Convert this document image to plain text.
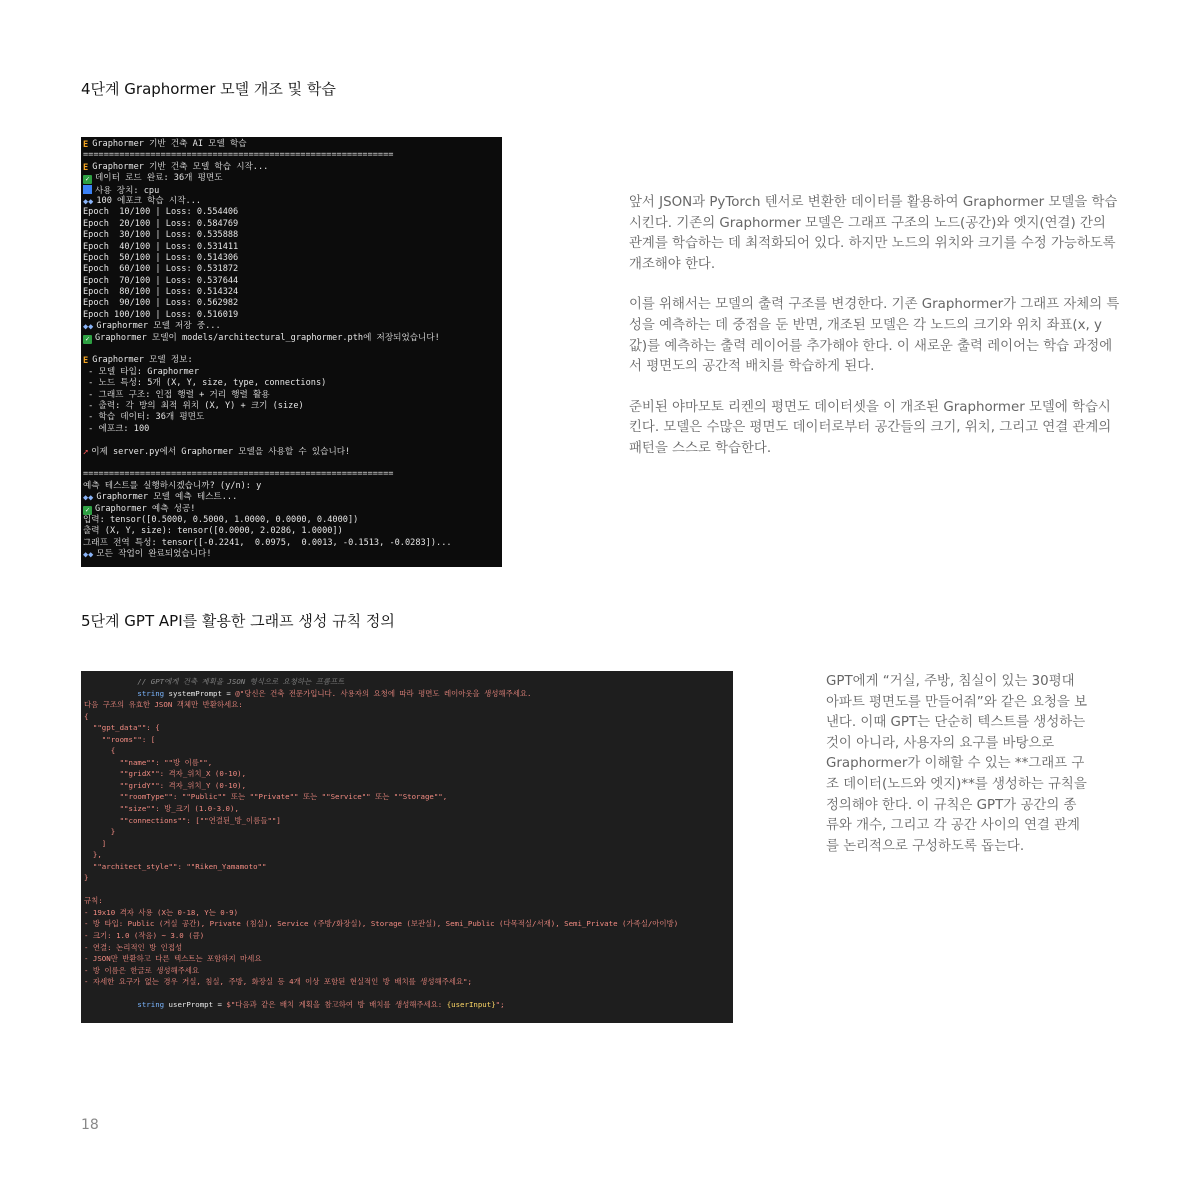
4단계 Graphormer 모델 개조 및 학습
E Graphormer 기반 건축 AI 모델 학습
============================================================
E Graphormer 기반 건축 모델 학습 시작...
✓ 데이터 로드 완료: 36개 평면도
사용 장치: cpu
◆◆ 100 에포크 학습 시작...
Epoch  10/100 | Loss: 0.554406
Epoch  20/100 | Loss: 0.584769
Epoch  30/100 | Loss: 0.535888
Epoch  40/100 | Loss: 0.531411
Epoch  50/100 | Loss: 0.514306
Epoch  60/100 | Loss: 0.531872
Epoch  70/100 | Loss: 0.537644
Epoch  80/100 | Loss: 0.514324
Epoch  90/100 | Loss: 0.562982
Epoch 100/100 | Loss: 0.516019
◆◆ Graphormer 모델 저장 중...
✓ Graphormer 모델이 models/architectural_graphormer.pth에 저장되었습니다!
E Graphormer 모델 정보:
- 모델 타입: Graphormer
- 노드 특성: 5개 (X, Y, size, type, connections)
- 그래프 구조: 인접 행렬 + 거리 행렬 활용
- 출력: 각 방의 최적 위치 (X, Y) + 크기 (size)
- 학습 데이터: 36개 평면도
- 에포크: 100
➚ 이제 server.py에서 Graphormer 모델을 사용할 수 있습니다!
============================================================
예측 테스트를 실행하시겠습니까? (y/n): y
◆◆ Graphormer 모델 예측 테스트...
✓ Graphormer 예측 성공!
입력: tensor([0.5000, 0.5000, 1.0000, 0.0000, 0.4000])
출력 (X, Y, size): tensor([0.0000, 2.0286, 1.0000])
그래프 전역 특성: tensor([-0.2241,  0.0975,  0.0013, -0.1513, -0.0283])...
◆◆ 모든 작업이 완료되었습니다!

앞서 JSON과 PyTorch 텐서로 변환한 데이터를 활용하여 Graphormer 모델을 학습시킨다. 기존의 Graphormer 모델은 그래프 구조의 노드(공간)와 엣지(연결) 간의 관계를 학습하는 데 최적화되어 있다. 하지만 노드의 위치와 크기를 수정 가능하도록 개조해야 한다.

이를 위해서는 모델의 출력 구조를 변경한다. 기존 Graphormer가 그래프 자체의 특성을 예측하는 데 중점을 둔 반면, 개조된 모델은 각 노드의 크기와 위치 좌표(x, y 값)를 예측하는 출력 레이어를 추가해야 한다. 이 새로운 출력 레이어는 학습 과정에서 평면도의 공간적 배치를 학습하게 된다.

준비된 야마모토 리켄의 평면도 데이터셋을 이 개조된 Graphormer 모델에 학습시킨다. 모델은 수많은 평면도 데이터로부터 공간들의 크기, 위치, 그리고 연결 관계의 패턴을 스스로 학습한다.

5단계 GPT API를 활용한 그래프 생성 규칙 정의
// GPT에게 건축 계획을 JSON 형식으로 요청하는 프롬프트
string systemPrompt = @"당신은 건축 전문가입니다. 사용자의 요청에 따라 평면도 레이아웃을 생성해주세요.
다음 구조의 유효한 JSON 객체만 반환하세요:
{
""gpt_data"": {
""rooms"": [
{
""name"": ""방 이름"",
""gridX"": 격자_위치_X (0-10),
""gridY"": 격자_위치_Y (0-10),
""roomType"": ""Public"" 또는 ""Private"" 또는 ""Service"" 또는 ""Storage"",
""size"": 방_크기 (1.0-3.0),
""connections"": [""연결된_방_이름들""]
}
]
},
""architect_style"": ""Riken_Yamamoto""
}
규칙:
- 19x10 격자 사용 (X는 0-18, Y는 0-9)
- 방 타입: Public (거실 공간), Private (침실), Service (주방/화장실), Storage (보관실), Semi_Public (다목적실/서재), Semi_Private (가족실/아이방)
- 크기: 1.0 (작음) ~ 3.0 (큼)
- 연결: 논리적인 방 인접성
- JSON만 반환하고 다른 텍스트는 포함하지 마세요
- 방 이름은 한글로 생성해주세요
- 자세한 요구가 없는 경우 거실, 침실, 주방, 화장실 등 4개 이상 포함된 현실적인 방 배치를 생성해주세요";
string userPrompt = $"다음과 같은 배치 계획을 참고하여 방 배치를 생성해주세요: {userInput}";
GPT에게 “거실, 주방, 침실이 있는 30평대 아파트 평면도를 만들어줘”와 같은 요청을 보낸다. 이때 GPT는 단순히 텍스트를 생성하는 것이 아니라, 사용자의 요구를 바탕으로 Graphormer가 이해할 수 있는 **그래프 구조 데이터(노드와 엣지)**를 생성하는 규칙을 정의해야 한다. 이 규칙은 GPT가 공간의 종류와 개수, 그리고 각 공간 사이의 연결 관계를 논리적으로 구성하도록 돕는다.
18
